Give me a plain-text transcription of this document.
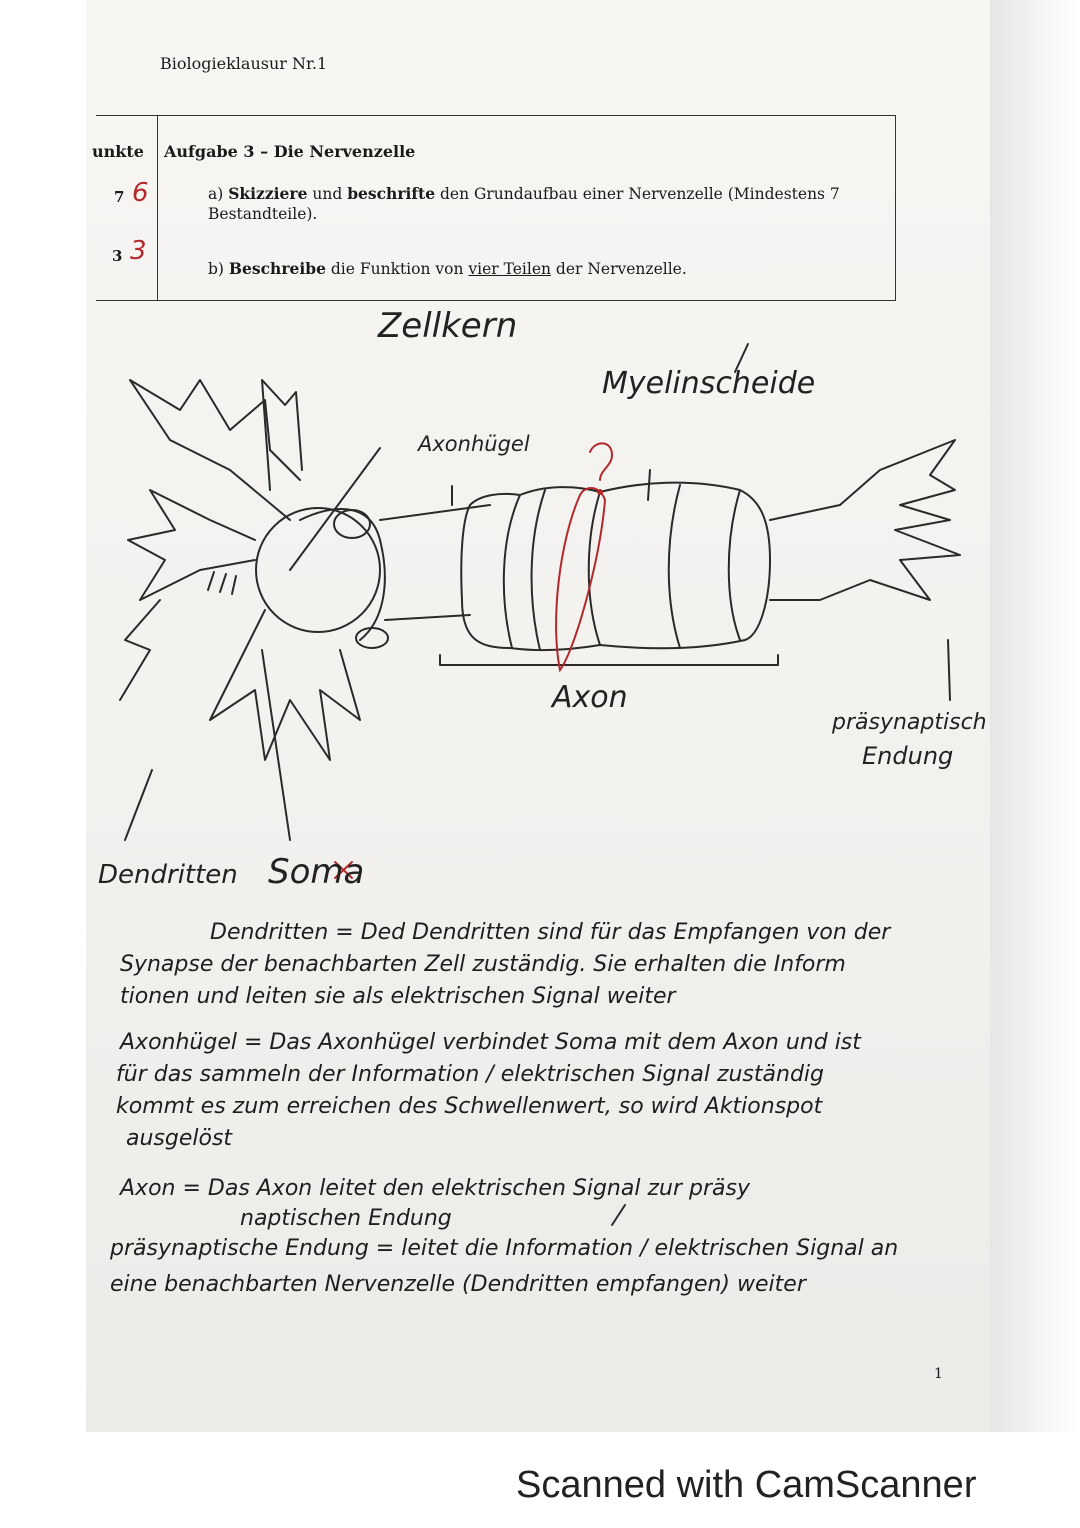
Biologieklausur Nr.1
unkte
7 6
3 3
Aufgabe 3 – Die Nervenzelle
a) Skizziere und beschrifte den Grundaufbau einer Nervenzelle (Mindestens 7 Bestandteile).
b) Beschreibe die Funktion von vier Teilen der Nervenzelle.
Zellkern
Myelinscheide
Axonhügel
Axon
präsynaptisch
Endung
Dendritten Soma
Dendritten = Ded Dendritten sind für das Empfangen von der
Synapse der benachbarten Zell zuständig. Sie erhalten die Inform
tionen und leiten sie als elektrischen Signal weiter
Axonhügel = Das Axonhügel verbindet Soma mit dem Axon und ist
für das sammeln der Information / elektrischen Signal zuständig
kommt es zum erreichen des Schwellenwert, so wird Aktionspot
ausgelöst
Axon = Das Axon leitet den elektrischen Signal zur präsy
naptischen Endung
präsynaptische Endung = leitet die Information / elektrischen Signal an
eine benachbarten Nervenzelle (Dendritten empfangen) weiter
1
Scanned with CamScanner
